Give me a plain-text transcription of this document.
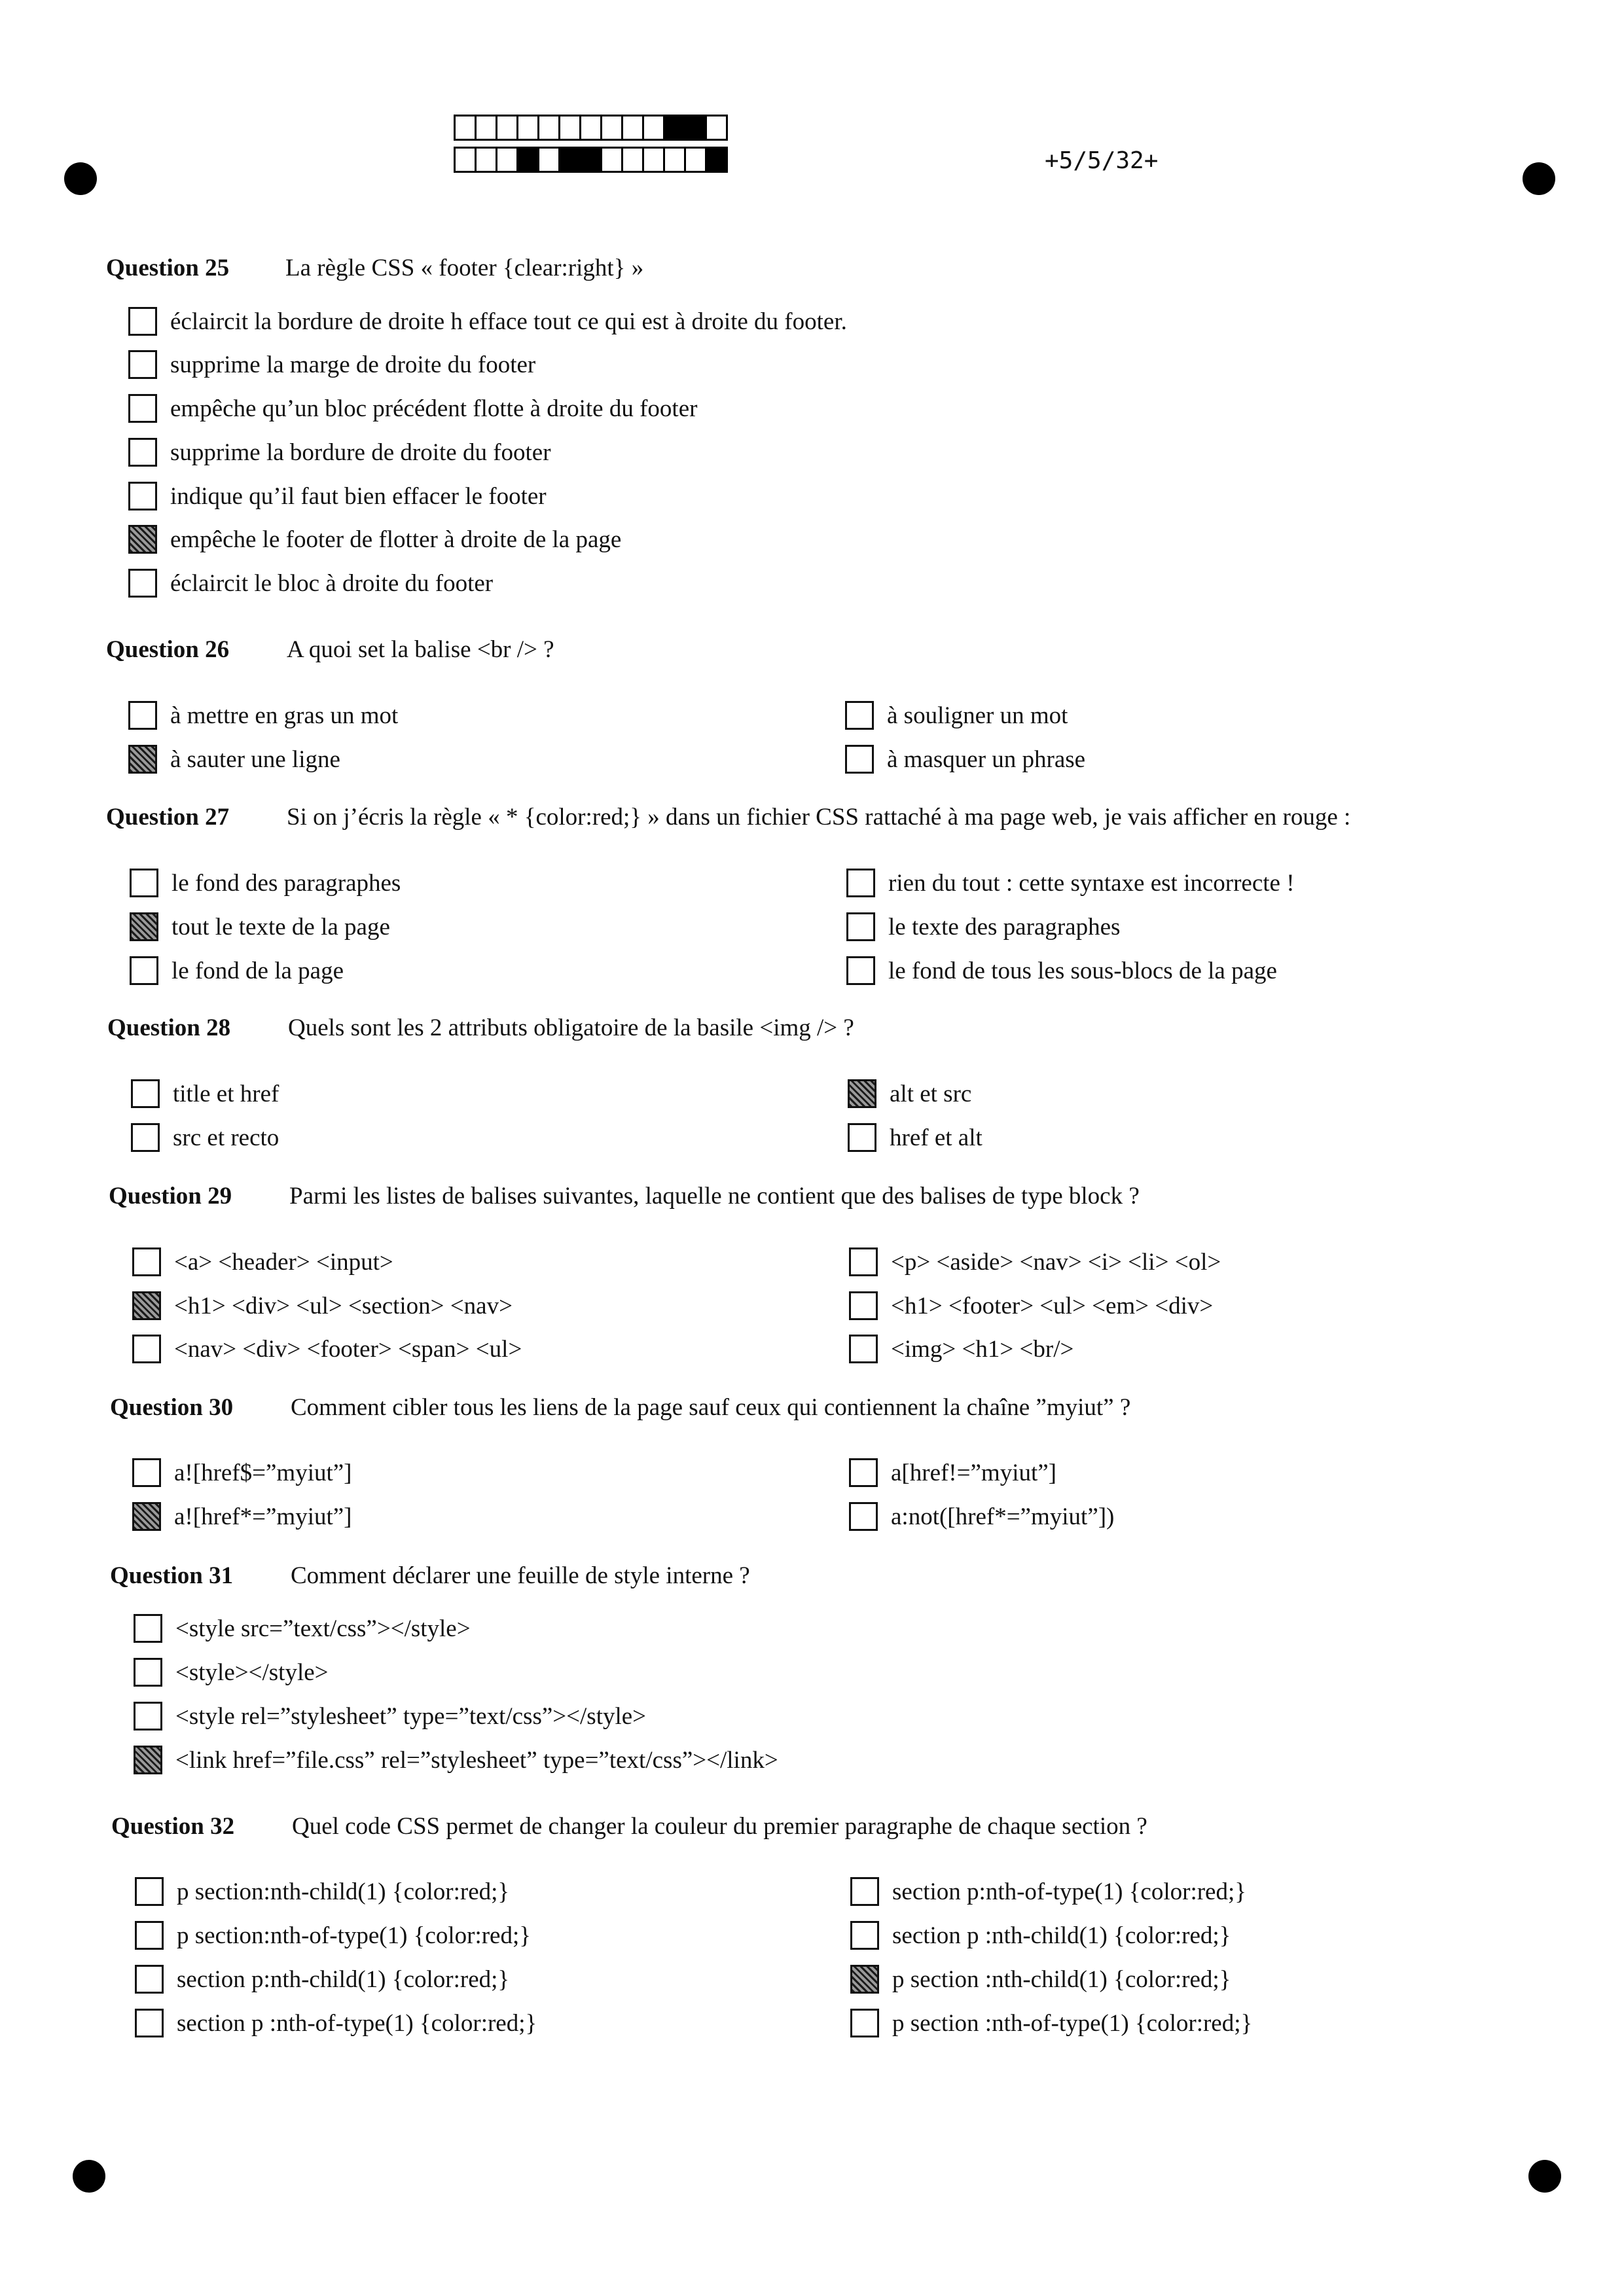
+5/5/32+
Question 25 La règle CSS « footer {clear:right} »
éclaircit la bordure de droite h efface tout ce qui est à droite du footer.
supprime la marge de droite du footer
empêche qu’un bloc précédent flotte à droite du footer
supprime la bordure de droite du footer
indique qu’il faut bien effacer le footer
empêche le footer de flotter à droite de la page
éclaircit le bloc à droite du footer
Question 26 A quoi set la balise <br /> ?
à mettre en gras un mot
à sauter une ligne
à souligner un mot
à masquer un phrase
Question 27 Si on j’écris la règle « * {color:red;} » dans un fichier CSS rattaché à ma page web, je vais afficher en rouge :
le fond des paragraphes
tout le texte de la page
le fond de la page
rien du tout : cette syntaxe est incorrecte !
le texte des paragraphes
le fond de tous les sous-blocs de la page
Question 28 Quels sont les 2 attributs obligatoire de la basile <img /> ?
title et href
src et recto
alt et src
href et alt
Question 29 Parmi les listes de balises suivantes, laquelle ne contient que des balises de type block ?
<a> <header> <input>
<h1> <div> <ul> <section> <nav>
<nav> <div> <footer> <span> <ul>
<p> <aside> <nav> <i> <li> <ol>
<h1> <footer> <ul> <em> <div>
<img> <h1> <br/>
Question 30 Comment cibler tous les liens de la page sauf ceux qui contiennent la chaîne ”myiut” ?
a![href$=”myiut”]
a![href*=”myiut”]
a[href!=”myiut”]
a:not([href*=”myiut”])
Question 31 Comment déclarer une feuille de style interne ?
<style src=”text/css”></style>
<style></style>
<style rel=”stylesheet” type=”text/css”></style>
<link href=”file.css” rel=”stylesheet” type=”text/css”></link>
Question 32 Quel code CSS permet de changer la couleur du premier paragraphe de chaque section ?
p section:nth-child(1) {color:red;}
p section:nth-of-type(1) {color:red;}
section p:nth-child(1) {color:red;}
section p :nth-of-type(1) {color:red;}
section p:nth-of-type(1) {color:red;}
section p :nth-child(1) {color:red;}
p section :nth-child(1) {color:red;}
p section :nth-of-type(1) {color:red;}
